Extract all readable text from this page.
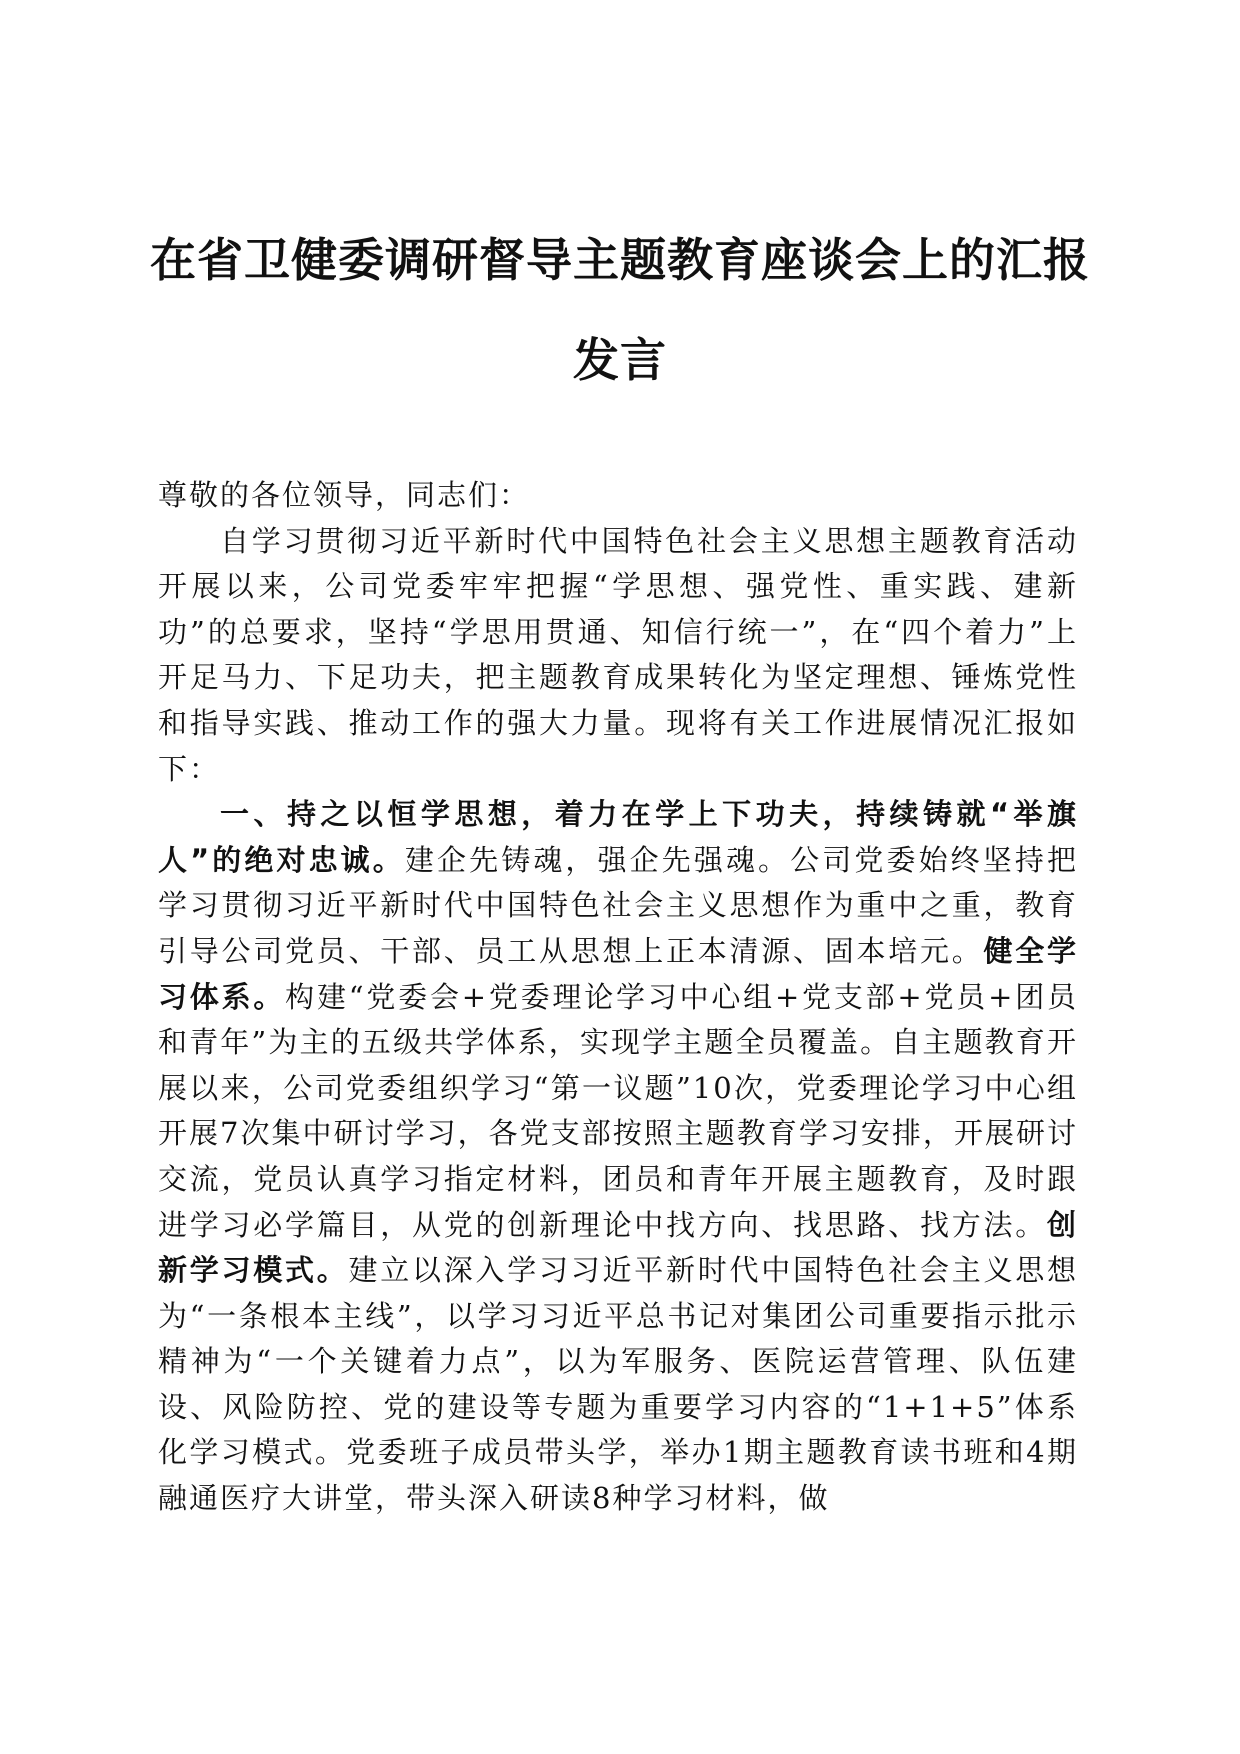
在省卫健委调研督导主题教育座谈会上的汇报
发言

尊敬的各位领导，同志们：

自学习贯彻习近平新时代中国特色社会主义思想主题教育活动开展以来，公司党委牢牢把握“学思想、强党性、重实践、建新功”的总要求，坚持“学思用贯通、知信行统一”，在“四个着力”上开足马力、下足功夫，把主题教育成果转化为坚定理想、锤炼党性和指导实践、推动工作的强大力量。现将有关工作进展情况汇报如下：

一、持之以恒学思想，着力在学上下功夫，持续铸就“举旗人”的绝对忠诚。建企先铸魂，强企先强魂。公司党委始终坚持把学习贯彻习近平新时代中国特色社会主义思想作为重中之重，教育引导公司党员、干部、员工从思想上正本清源、固本培元。健全学习体系。构建“党委会+党委理论学习中心组+党支部+党员+团员和青年”为主的五级共学体系，实现学主题全员覆盖。自主题教育开展以来，公司党委组织学习“第一议题”10次，党委理论学习中心组开展7次集中研讨学习，各党支部按照主题教育学习安排，开展研讨交流，党员认真学习指定材料，团员和青年开展主题教育，及时跟进学习必学篇目，从党的创新理论中找方向、找思路、找方法。创新学习模式。建立以深入学习习近平新时代中国特色社会主义思想为“一条根本主线”，以学习习近平总书记对集团公司重要指示批示精神为“一个关键着力点”，以为军服务、医院运营管理、队伍建设、风险防控、党的建设等专题为重要学习内容的“1+1+5”体系化学习模式。党委班子成员带头学，举办1期主题教育读书班和4期融通医疗大讲堂，带头深入研读8种学习材料，做
